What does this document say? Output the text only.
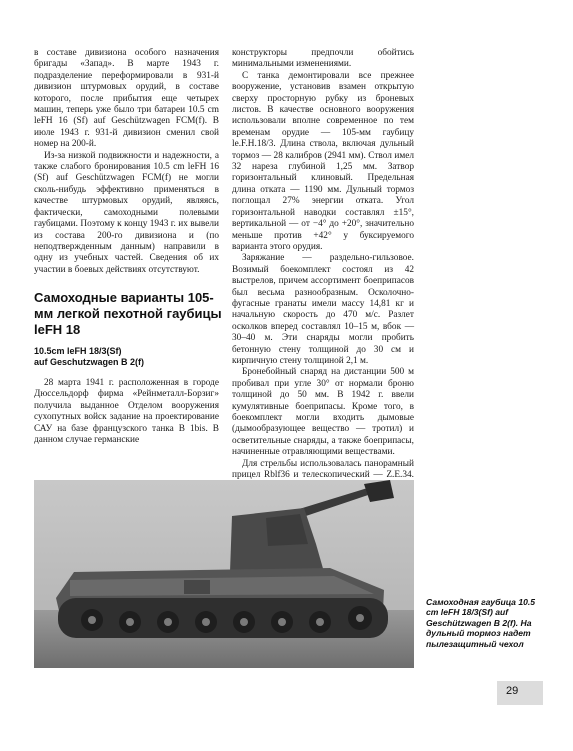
в составе дивизиона особого назначения бригады «Запад». В марте 1943 г. подразделение переформировали в 931-й дивизион штурмовых орудий, в составе которого, после прибытия еще четырех машин, теперь уже было три батареи 10.5 cm leFH 16 (Sf) auf Geschützwagen FCM(f). В июле 1943 г. 931-й дивизион сменил свой номер на 200-й.

Из-за низкой подвижности и надежности, а также слабого бронирования 10.5 cm leFH 16 (Sf) auf Geschützwagen FCM(f) не могли сколь-нибудь эффективно применяться в качестве штурмовых орудий, являясь, фактически, самоходными полевыми гаубицами. Поэтому к концу 1943 г. их вывели из состава 200-го дивизиона и (по неподтвержденным данным) направили в одну из учебных частей. Сведения об их участии в боевых действиях отсутствуют.

Самоходные варианты 105-мм легкой пехотной гаубицы leFH 18
10.5cm leFH 18/3(Sf)
auf Geschutzwagen B 2(f)

28 марта 1941 г. расположенная в городе Дюссельдорф фирма «Рейнметалл-Борзиг» получила выданное Отделом вооружения сухопутных войск задание на проектирование САУ на базе французского танка B 1bis. В данном случае германские

конструкторы предпочли обойтись минимальными изменениями.

С танка демонтировали все прежнее вооружение, установив взамен открытую сверху просторную рубку из броневых листов. В качестве основного вооружения использовали вполне современное по тем временам орудие — 105-мм гаубицу le.F.H.18/3. Длина ствола, включая дульный тормоз — 28 калибров (2941 мм). Ствол имел 32 нареза глубиной 1,25 мм. Затвор горизонтальный клиновый. Предельная длина отката — 1190 мм. Дульный тормоз поглощал 27% энергии отката. Угол горизонтальной наводки составлял ±15°, вертикальной — от −4° до +20°, значительно меньше против +42° у буксируемого варианта этого орудия.

Заряжание — раздельно-гильзовое. Возимый боекомплект состоял из 42 выстрелов, причем ассортимент боеприпасов был весьма разнообразным. Осколочно-фугасные гранаты имели массу 14,81 кг и начальную скорость до 470 м/с. Разлет осколков вперед составлял 10–15 м, вбок — 30–40 м. Эти снаряды могли пробить бетонную стену толщиной до 30 см и кирпичную стену толщиной 2,1 м.

Бронебойный снаряд на дистанции 500 м пробивал при угле 30° от нормали броню толщиной до 50 мм. В 1942 г. ввели кумулятивные боеприпасы. Кроме того, в боекомплект могли входить дымовые (дымообразующее вещество — тротил) и осветительные снаряды, а также боеприпасы, начиненные отравляющими веществами.

Для стрельбы использовалась панорамный прицел Rblf36 и телескопический — Z.E.34.

Самоходная гаубица 10.5 cm leFH 18/3(Sf) auf Geschützwagen B 2(f). На дульный тормоз надет пылезащитный чехол
29
